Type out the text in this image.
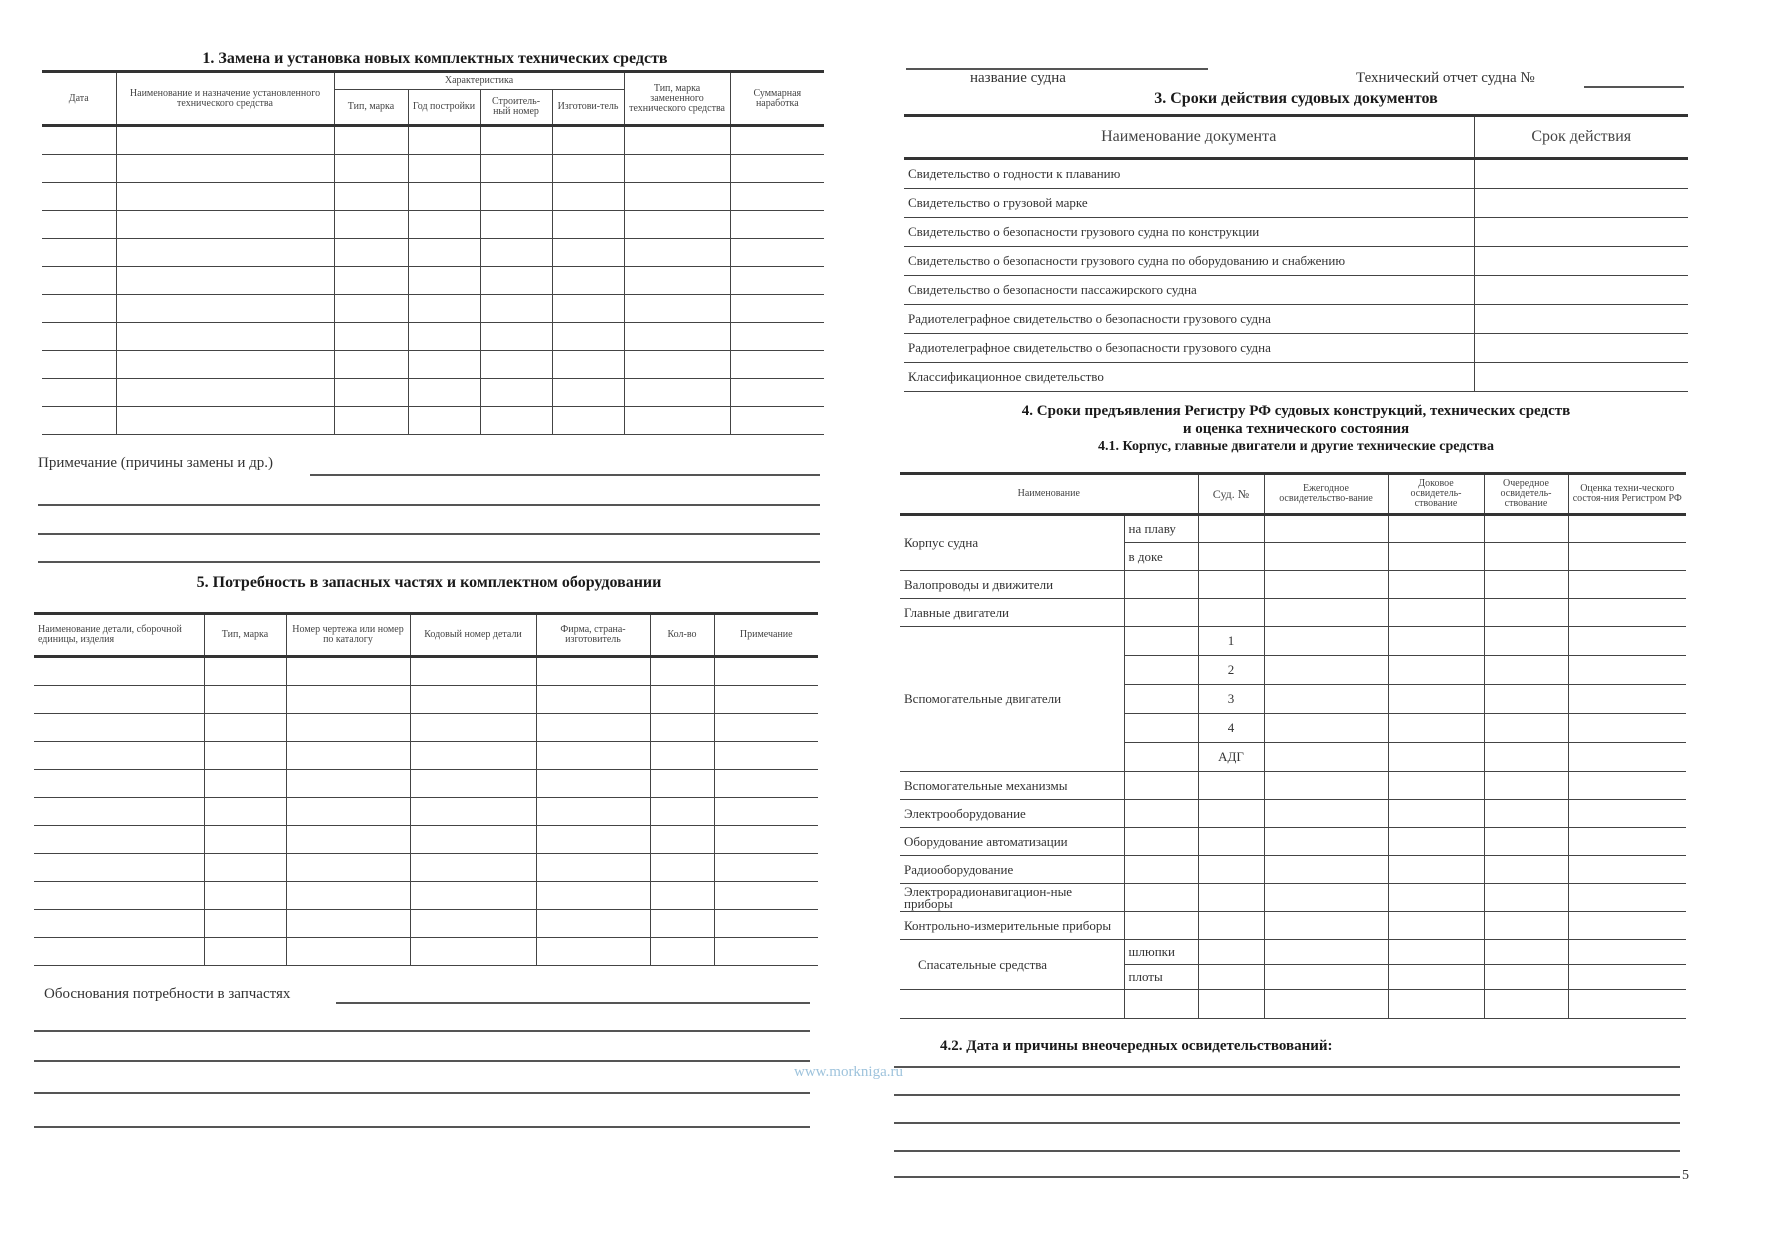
1. Замена и установка новых комплектных технических средств
Дата	Наименование и назначение установленного технического средства	Характеристика				Тип, марка замененного технического средства	Суммарная наработка
		Тип, марка	Год постройки	Строитель-ный номер	Изготови-тель		

Примечание (причины замены и др.)
5. Потребность в запасных частях и комплектном оборудовании
Наименование детали, сборочной единицы, изделия	Тип, марка	Номер чертежа или номер по каталогу	Кодовый номер детали	Фирма, страна-изготовитель	Кол-во	Примечание

Обоснования потребности в запчастях
название судна	Технический отчет судна №
3. Сроки действия судовых документов
Наименование документа	Срок действия
Свидетельство о годности к плаванию	
Свидетельство о грузовой марке	
Свидетельство о безопасности грузового судна по конструкции	
Свидетельство о безопасности грузового судна по оборудованию и снабжению	
Свидетельство о безопасности пассажирского судна	
Радиотелеграфное свидетельство о безопасности грузового судна	
Радиотелеграфное свидетельство о безопасности грузового судна	
Классификационное свидетельство	
4. Сроки предъявления Регистру РФ судовых конструкций, технических средств
и оценка технического состояния
4.1. Корпус, главные двигатели и другие технические средства
Наименование		Суд. №	Ежегодное освидетельство-вание	Доковое освидетель-ствование	Очередное освидетель-ствование	Оценка техни-ческого состоя-ния Регистром РФ
Корпус судна	на плаву					
	в доке					
Валопроводы и движители						
Главные двигатели						
Вспомогательные двигатели		1				
		2				
		3				
		4				
		АДГ				
Вспомогательные механизмы						
Электрооборудование						
Оборудование автоматизации						
Радиооборудование						
Электрорадионавигацион-ные приборы						
Контрольно-измерительные приборы						
Спасательные средства	шлюпки					
	плоты					

4.2. Дата и причины внеочередных освидетельствований:
5
www.morkniga.ru
